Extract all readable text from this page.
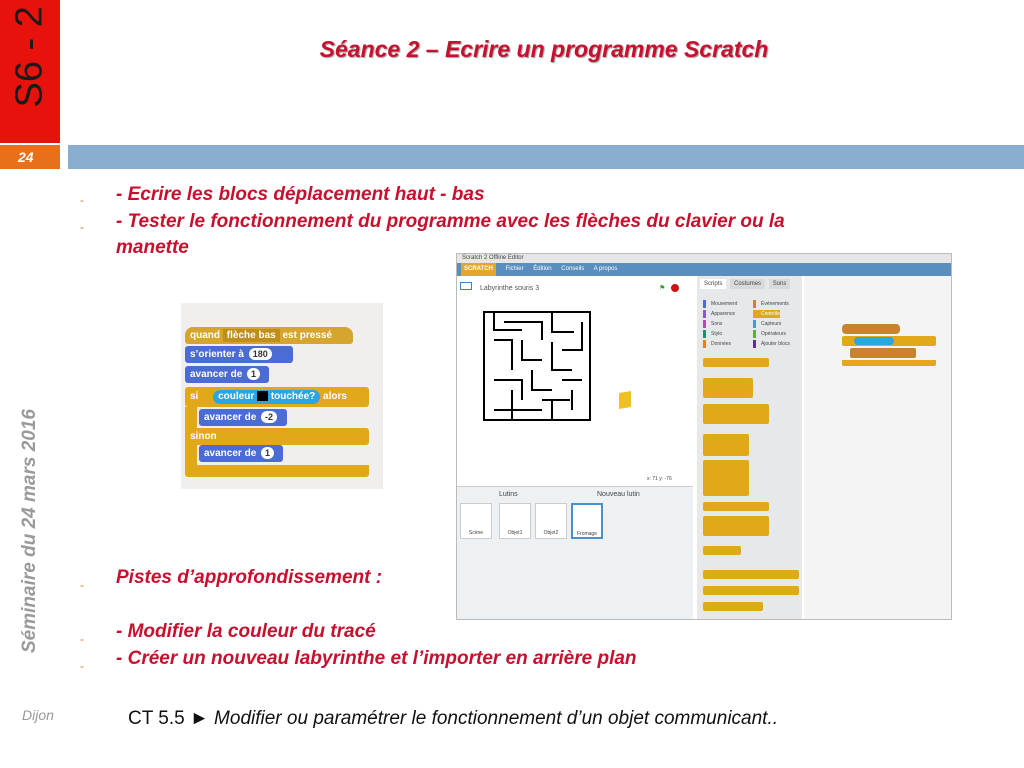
S6 - 2	Séance 2 – Ecrire un programme Scratch
24
Séminaire du 24 mars 2016
Dijon
- - Ecrire les blocs déplacement haut - bas
- - Tester le fonctionnement du programme avec les flèches du clavier ou la
manette
- Pistes d’approfondissement :
- - Modifier la couleur du tracé
- - Créer un nouveau labyrinthe et l’importer en arrière plan
CT 5.5 ► Modifier ou paramétrer le fonctionnement d’un objet communicant..
quand flèche bas est pressé
s’orienter à 180
avancer de 1
si couleur touchée? alors
avancer de -2
sinon
avancer de 1
Scratch 2 Offline Editor
SCRATCH Fichier Édition Conseils A propos
Labyrinthe souris 3	⚑
x: 71 y: -76
Lutins	Nouveau lutin
Scène	Objet1	Objet2	Fromage
Scripts Costumes Sons
Mouvement
Apparence
Sons
Stylo
Données
Événements
Contrôle
Capteurs
Opérateurs
Ajouter blocs
